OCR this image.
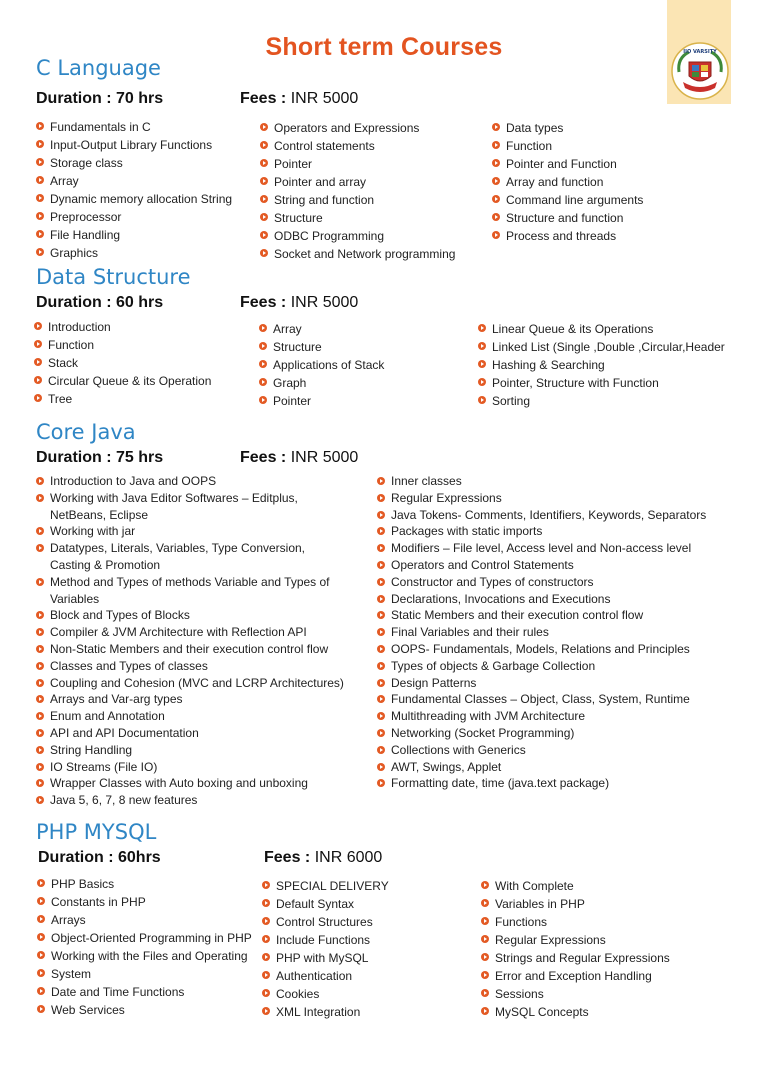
IIO VARSITY
Short term Courses
C Language
Duration : 70 hrs	Fees : INR 5000
Fundamentals in C
Input-Output Library Functions
Storage class
Array
Dynamic memory allocation String
Preprocessor
File Handling
Graphics
Operators and Expressions
Control statements
Pointer
Pointer and array
String and function
Structure
ODBC Programming
Socket and Network programming
Data types
Function
Pointer and Function
Array and function
Command line arguments
Structure and function
Process and threads
Data Structure
Duration : 60 hrs	Fees : INR 5000
Introduction
Function
Stack
Circular Queue & its Operation
Tree
Array
Structure
Applications of Stack
Graph
Pointer
Linear Queue & its Operations
Linked List (Single ,Double ,Circular,Header
Hashing & Searching
Pointer, Structure with Function
Sorting
Core Java
Duration : 75 hrs	Fees : INR 5000
Introduction to Java and OOPS
Working with Java Editor Softwares – Editplus, NetBeans, Eclipse
Working with jar
Datatypes, Literals, Variables, Type Conversion, Casting & Promotion
Method and Types of methods Variable and Types of Variables
Block and Types of Blocks
Compiler & JVM Architecture with Reflection API
Non-Static Members and their execution control flow
Classes and Types of classes
Coupling and Cohesion (MVC and LCRP Architectures)
Arrays and Var-arg types
Enum and Annotation
API and API Documentation
String Handling
IO Streams (File IO)
Wrapper Classes with Auto boxing and unboxing
Java 5, 6, 7, 8 new features
Inner classes
Regular Expressions
Java Tokens- Comments, Identifiers, Keywords, Separators
Packages with static imports
Modifiers – File level, Access level and Non-access level
Operators and Control Statements
Constructor and Types of constructors
Declarations, Invocations and Executions
Static Members and their execution control flow
Final Variables and their rules
OOPS- Fundamentals, Models, Relations and Principles
Types of objects & Garbage Collection
Design Patterns
Fundamental Classes – Object, Class, System, Runtime
Multithreading with JVM Architecture
Networking (Socket Programming)
Collections with Generics
AWT, Swings, Applet
Formatting date, time (java.text package)
PHP MYSQL
Duration : 60hrs	Fees : INR 6000
PHP Basics
Constants in PHP
Arrays
Object-Oriented Programming in PHP
Working with the Files and Operating
System
Date and Time Functions
Web Services
SPECIAL DELIVERY
Default Syntax
Control Structures
Include Functions
PHP with MySQL
Authentication
Cookies
XML Integration
With Complete
Variables in PHP
Functions
Regular Expressions
Strings and Regular Expressions
Error and Exception Handling
Sessions
MySQL Concepts
